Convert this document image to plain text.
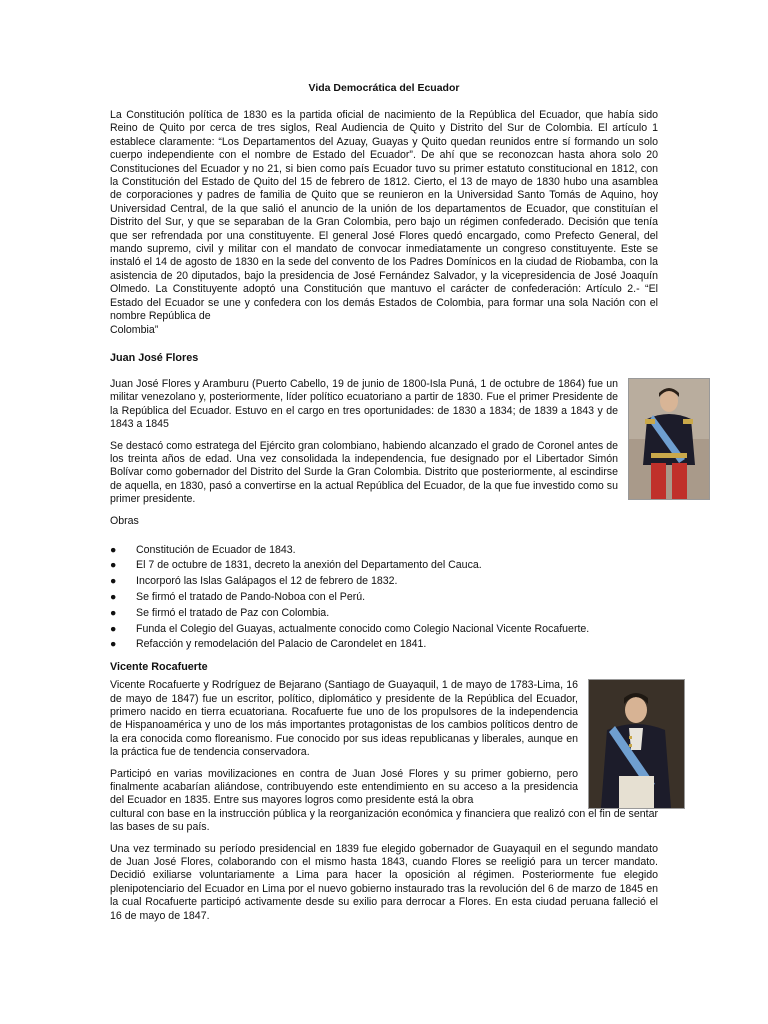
Vida Democrática del Ecuador

La Constitución política de 1830 es la partida oficial de nacimiento de la República del Ecuador, que había sido Reino de Quito por cerca de tres siglos, Real Audiencia de Quito y Distrito del Sur de Colombia. El artículo 1 establece claramente: “Los Departamentos del Azuay, Guayas y Quito quedan reunidos entre sí formando un solo cuerpo independiente con el nombre de Estado del Ecuador”. De ahí que se reconozcan hasta ahora solo 20 Constituciones del Ecuador y no 21, si bien como país Ecuador tuvo su primer estatuto constitucional en 1812, con la Constitución del Estado de Quito del 15 de febrero de 1812. Cierto, el 13 de mayo de 1830 hubo una asamblea de corporaciones y padres de familia de Quito que se reunieron en la Universidad Santo Tomás de Aquino, hoy Universidad Central, de la que salió el anuncio de la unión de los departamentos de Ecuador, que constituían el Distrito del Sur, y que se separaban de la Gran Colombia, pero bajo un régimen confederado. Decisión que tenía que ser refrendada por una constituyente. El general José Flores quedó encargado, como Prefecto General, del mando supremo, civil y militar con el mandato de convocar inmediatamente un congreso constituyente. Este se instaló el 14 de agosto de 1830 en la sede del convento de los Padres Domínicos en la ciudad de Riobamba, con la asistencia de 20 diputados, bajo la presidencia de José Fernández Salvador, y la vicepresidencia de José Joaquín Olmedo. La Constituyente adoptó una Constitución que mantuvo el carácter de confederación: Artículo 2.- “El Estado del Ecuador se une y confedera con los demás Estados de Colombia, para formar una sola Nación con el nombre República de

Colombia”

Juan José Flores

Juan José Flores y Aramburu (Puerto Cabello, 19 de junio de 1800-Isla Puná, 1 de octubre de 1864) fue un militar venezolano y, posteriormente, líder político ecuatoriano a partir de 1830. Fue el primer Presidente de la República del Ecuador. Estuvo en el cargo en tres oportunidades: de 1830 a 1834; de 1839 a 1843 y de 1843 a 1845

Se destacó como estratega del Ejército gran colombiano, habiendo alcanzado el grado de Coronel antes de los treinta años de edad. Una vez consolidada la independencia, fue designado por el Libertador Simón Bolívar como gobernador del Distrito del Surde la Gran Colombia. Distrito que posteriormente, al escindirse de aquella, en 1830, pasó a convertirse en la actual República del Ecuador, de la que fue investido como su primer presidente.

Obras
● Constitución de Ecuador de 1843.
● El 7 de octubre de 1831, decreto la anexión del Departamento del Cauca.
● Incorporó las Islas Galápagos el 12 de febrero de 1832.
● Se firmó el tratado de Pando-Noboa con el Perú.
● Se firmó el tratado de Paz con Colombia.
● Funda el Colegio del Guayas, actualmente conocido como Colegio Nacional Vicente Rocafuerte.
● Refacción y remodelación del Palacio de Carondelet en 1841.
Vicente Rocafuerte

Vicente Rocafuerte y Rodríguez de Bejarano (Santiago de Guayaquil, 1 de mayo de 1783-Lima, 16 de mayo de 1847) fue un escritor, político, diplomático y presidente de la República del Ecuador, primero nacido en tierra ecuatoriana. Rocafuerte fue uno de los propulsores de la independencia de Hispanoamérica y uno de los más importantes protagonistas de los cambios políticos dentro de la era conocida como floreanismo. Fue conocido por sus ideas republicanas y liberales, aunque en la práctica fue de tendencia conservadora.

Participó en varias movilizaciones en contra de Juan José Flores y su primer gobierno, pero finalmente acabarían aliándose, contribuyendo este entendimiento en su acceso a la presidencia del Ecuador en 1835. Entre sus mayores logros como presidente está la obra

cultural con base en la instrucción pública y la reorganización económica y financiera que realizó con el fin de sentar las bases de su país.

Una vez terminado su período presidencial en 1839 fue elegido gobernador de Guayaquil en el segundo mandato de Juan José Flores, colaborando con el mismo hasta 1843, cuando Flores se reeligió para un tercer mandato. Decidió exiliarse voluntariamente a Lima para hacer la oposición al régimen. Posteriormente fue elegido plenipotenciario del Ecuador en Lima por el nuevo gobierno instaurado tras la revolución del 6 de marzo de 1845 en la cual Rocafuerte participó activamente desde su exilio para derrocar a Flores. En esta ciudad peruana falleció el 16 de mayo de 1847.
